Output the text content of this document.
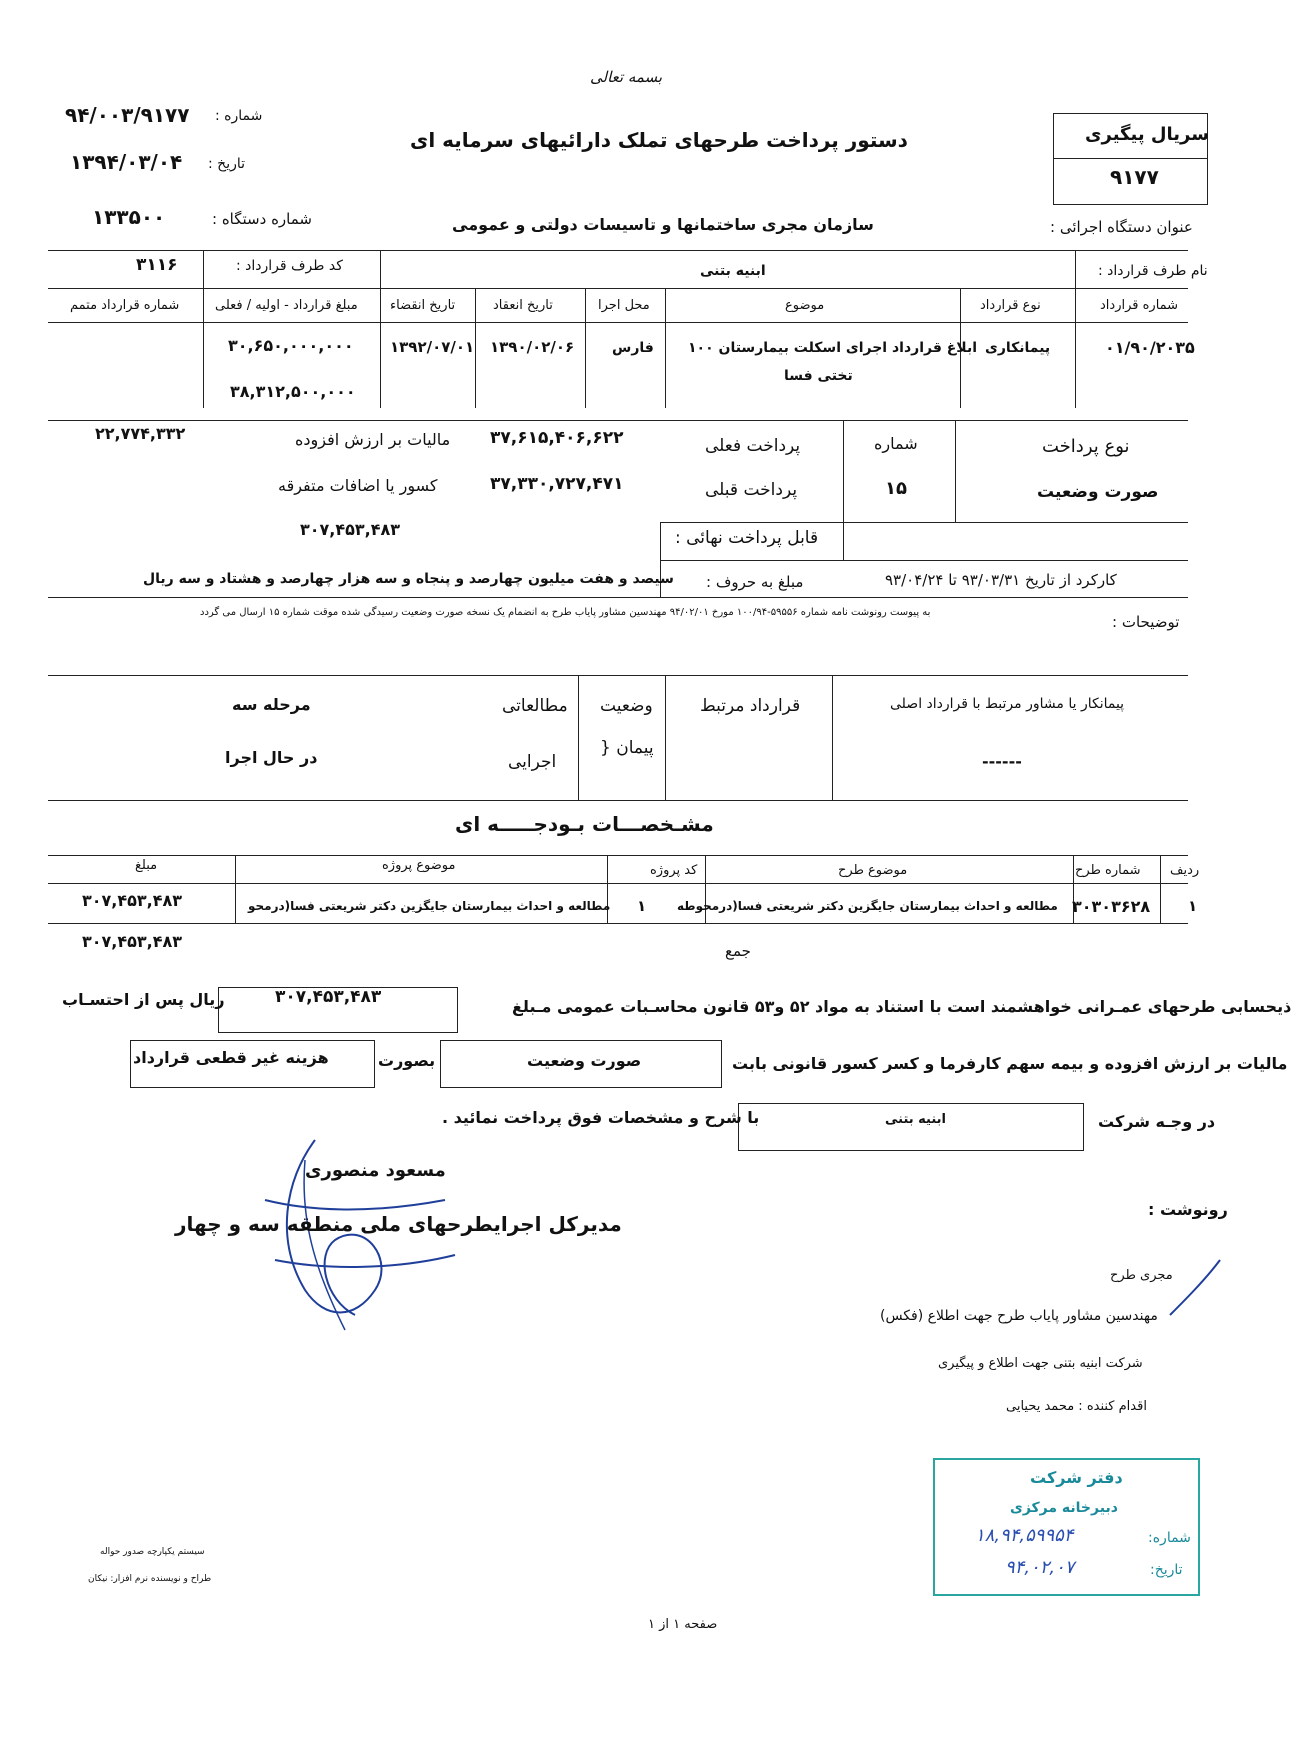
بسمه تعالی
دستور پرداخت طرحهای تملک دارائیهای سرمایه ای
شماره :
۹۴/۰۰۳/۹۱۷۷
تاریخ :
۱۳۹۴/۰۳/۰۴
شماره دستگاه :
۱۳۳۵۰۰
سریال پیگیری
۹۱۷۷
عنوان دستگاه اجرائی :
سازمان مجری ساختمانها و تاسیسات دولتی و عمومی
نام طرف قرارداد :
ابنیه بتنی
کد طرف قرارداد :
۳۱۱۶
شماره قرارداد
نوع قرارداد
موضوع
محل اجرا
تاریخ انعقاد
تاریخ انقضاء
مبلغ قرارداد - اولیه / فعلی
شماره قرارداد متمم
۰۱/۹۰/۲۰۳۵
پیمانکاری
ابلاغ قرارداد اجرای اسکلت بیمارستان ۱۰۰
تختی فسا
فارس
۱۳۹۰/۰۲/۰۶
۱۳۹۲/۰۷/۰۱
۳۰,۶۵۰,۰۰۰,۰۰۰
۳۸,۳۱۲,۵۰۰,۰۰۰
نوع پرداخت
صورت وضعیت
شماره
۱۵
پرداخت فعلی
۳۷,۶۱۵,۴۰۶,۶۲۲
پرداخت قبلی
۳۷,۳۳۰,۷۲۷,۴۷۱
مالیات بر ارزش افزوده
۲۲,۷۷۴,۳۳۲
کسور یا اضافات متفرقه
۳۰۷,۴۵۳,۴۸۳	قابل پرداخت نهائی :
کارکرد از تاریخ ۹۳/۰۳/۳۱ تا ۹۳/۰۴/۲۴
مبلغ به حروف :
سیصد و هفت میلیون چهارصد و پنجاه و سه هزار چهارصد و هشتاد و سه ریال
توضیحات :
به پیوست رونوشت نامه شماره ۵۹۵۵۶-۱۰۰/۹۴ مورخ ۹۴/۰۲/۰۱ مهندسین مشاور پایاب طرح به انضمام یک نسخه صورت وضعیت رسیدگی شده موقت شماره ۱۵ ارسال می گردد
پیمانکار یا مشاور مرتبط با قرارداد اصلی
------
قرارداد مرتبط
وضعیت
پیمان {
مطالعاتی
اجرایی
مرحله سه
در حال اجرا
مشـخصـــات بـودجـــــه ای
ردیف
شماره طرح
موضوع طرح
کد پروژه
موضوع پروژه
مبلغ
۱
۳۰۳۰۳۶۲۸
مطالعه و احداث بیمارستان جایگزین دکتر شریعتی فسا(درمحوطه
۱
مطالعه و احداث بیمارستان جایگزین دکتر شریعتی فسا(درمحو
۳۰۷,۴۵۳,۴۸۳
جمع
۳۰۷,۴۵۳,۴۸۳
ذیحسابی طرحهای عمـرانی خواهشمند است با استناد به مواد ۵۲ و۵۳ قانون محاسـبات عمومی مـبلغ
۳۰۷,۴۵۳,۴۸۳
ریال پس از احتسـاب
مالیات بر ارزش افزوده و بیمه سهم کارفرما و کسر کسور قانونی بابت
صورت وضعیت
بصورت
هزینه غیر قطعی قرارداد
در وجـه شرکت
ابنیه بتنی
با شرح و مشخصات فوق پرداخت نمائید .
مسعود منصوری
مدیرکل اجرایطرحهای ملی منطقه سه و چهار
رونوشت :
مجری طرح
مهندسین مشاور پایاب طرح جهت اطلاع (فکس)
شرکت ابنیه بتنی جهت اطلاع و پیگیری
اقدام کننده : محمد یحیایی
دفتر شرکت
دبیرخانه مرکزی
شماره:
۱۸,۹۴,۵۹۹۵۴
تاریخ:
۹۴,۰۲,۰۷
سیستم یکپارچه صدور حواله
طراح و نویسنده نرم افزار: نیکان
صفحه ۱ از ۱
